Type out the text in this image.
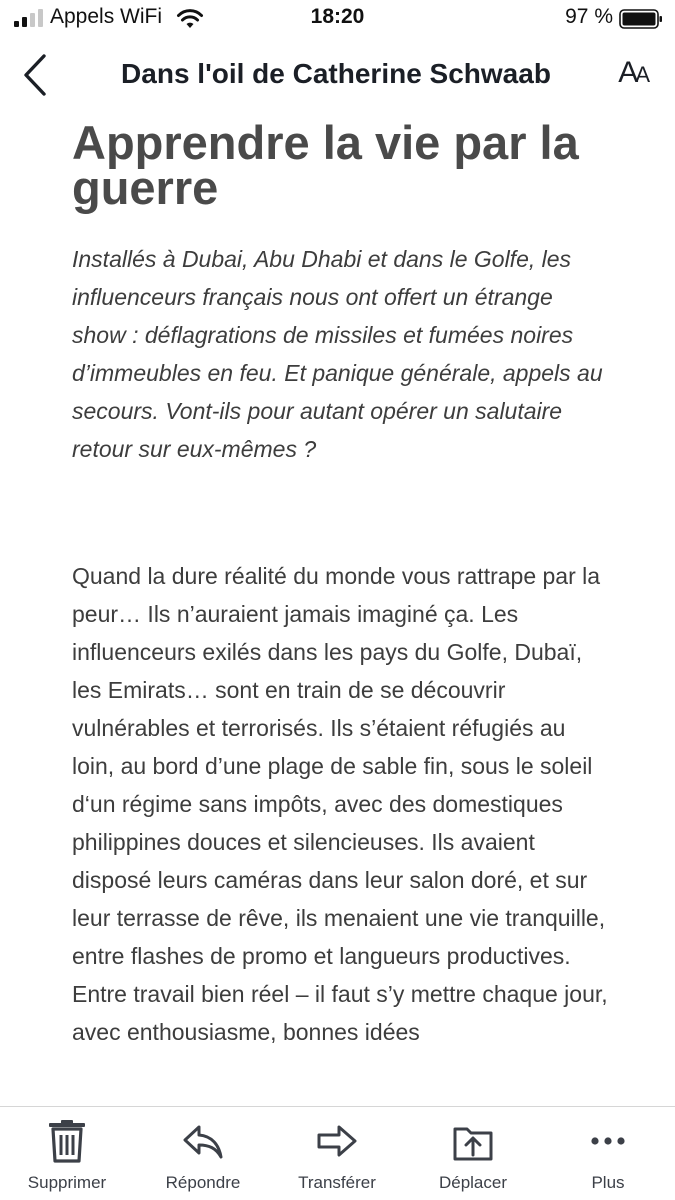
Appels WiFi	18:20	97 %
Dans l'oil de Catherine Schwaab	AA
Apprendre la vie par la guerre

Installés à Dubai, Abu Dhabi et dans le Golfe, les influenceurs français nous ont offert un étrange show : déflagrations de missiles et fumées noires d’immeubles en feu. Et panique générale, appels au secours. Vont-ils pour autant opérer un salutaire retour sur eux-mêmes ?

Quand la dure réalité du monde vous rattrape par la peur… Ils n’auraient jamais imaginé ça. Les influenceurs exilés dans les pays du Golfe, Dubaï, les Emirats… sont en train de se découvrir vulnérables et terrorisés. Ils s’étaient réfugiés au loin, au bord d’une plage de sable fin, sous le soleil d‘un régime sans impôts, avec des domestiques philippines douces et silencieuses. Ils avaient disposé leurs caméras dans leur salon doré, et sur leur terrasse de rêve, ils menaient une vie tranquille, entre flashes de promo et langueurs productives. Entre travail bien réel – il faut s’y mettre chaque jour, avec enthousiasme, bonnes idées

Supprimer	Répondre	Transférer	Déplacer	Plus
